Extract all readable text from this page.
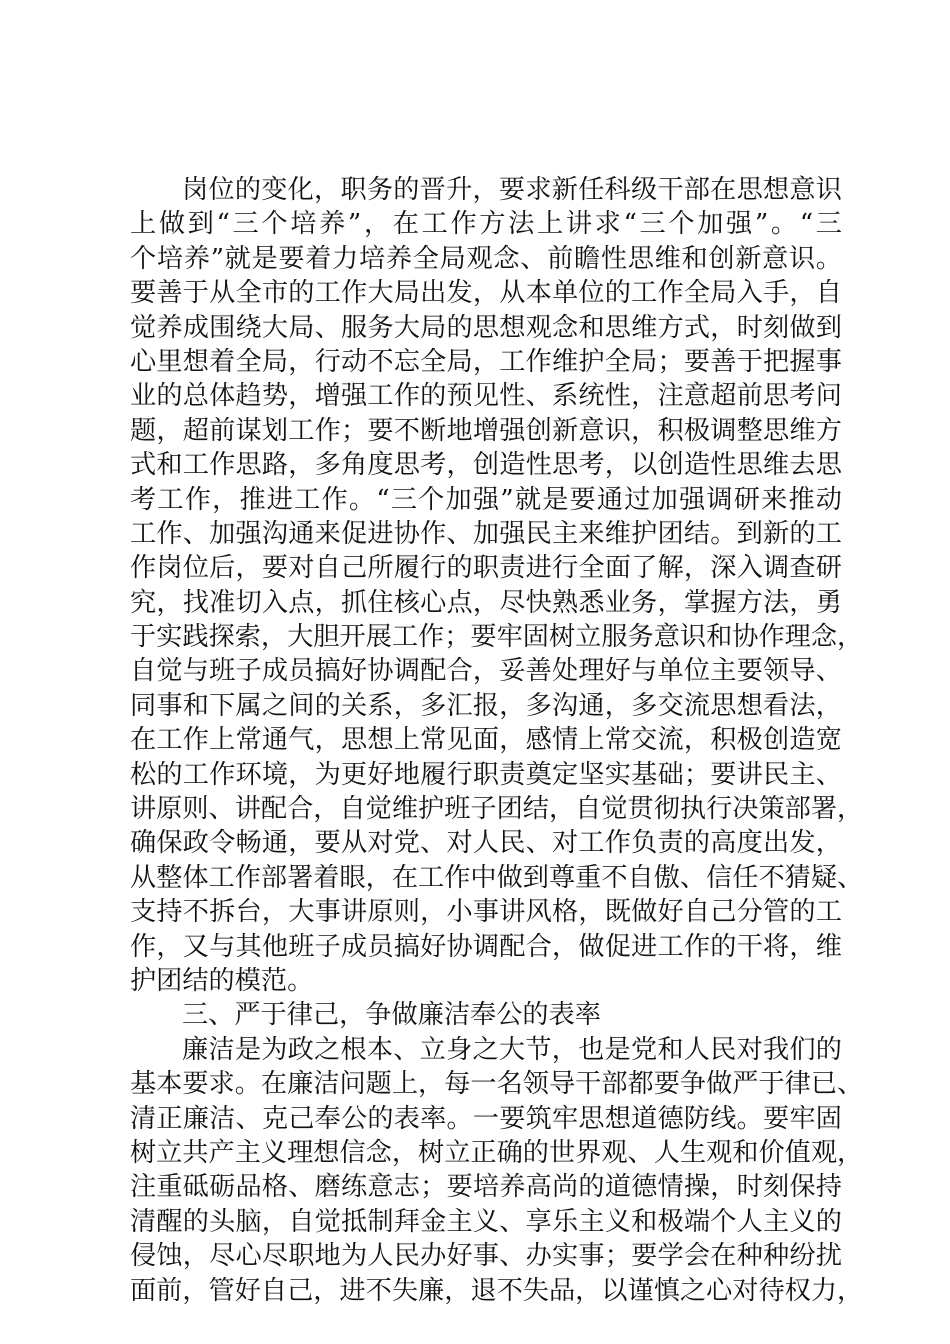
岗位的变化，职务的晋升，要求新任科级干部在思想意识
上做到“三个培养”，在工作方法上讲求“三个加强”。“三
个培养”就是要着力培养全局观念、前瞻性思维和创新意识。
要善于从全市的工作大局出发，从本单位的工作全局入手，自
觉养成围绕大局、服务大局的思想观念和思维方式，时刻做到
心里想着全局，行动不忘全局，工作维护全局；要善于把握事
业的总体趋势，增强工作的预见性、系统性，注意超前思考问
题，超前谋划工作；要不断地增强创新意识，积极调整思维方
式和工作思路，多角度思考，创造性思考，以创造性思维去思
考工作，推进工作。“三个加强”就是要通过加强调研来推动
工作、加强沟通来促进协作、加强民主来维护团结。到新的工
作岗位后，要对自己所履行的职责进行全面了解，深入调查研
究，找准切入点，抓住核心点，尽快熟悉业务，掌握方法，勇
于实践探索，大胆开展工作；要牢固树立服务意识和协作理念，
自觉与班子成员搞好协调配合，妥善处理好与单位主要领导、
同事和下属之间的关系，多汇报，多沟通，多交流思想看法，
在工作上常通气，思想上常见面，感情上常交流，积极创造宽
松的工作环境，为更好地履行职责奠定坚实基础；要讲民主、
讲原则、讲配合，自觉维护班子团结，自觉贯彻执行决策部署，
确保政令畅通，要从对党、对人民、对工作负责的高度出发，
从整体工作部署着眼，在工作中做到尊重不自傲、信任不猜疑、
支持不拆台，大事讲原则，小事讲风格，既做好自己分管的工
作，又与其他班子成员搞好协调配合，做促进工作的干将，维
护团结的模范。
三、严于律己，争做廉洁奉公的表率
廉洁是为政之根本、立身之大节，也是党和人民对我们的
基本要求。在廉洁问题上，每一名领导干部都要争做严于律已、
清正廉洁、克己奉公的表率。一要筑牢思想道德防线。要牢固
树立共产主义理想信念，树立正确的世界观、人生观和价值观，
注重砥砺品格、磨练意志；要培养高尚的道德情操，时刻保持
清醒的头脑，自觉抵制拜金主义、享乐主义和极端个人主义的
侵蚀，尽心尽职地为人民办好事、办实事；要学会在种种纷扰
面前，管好自己，进不失廉，退不失品，以谨慎之心对待权力，
